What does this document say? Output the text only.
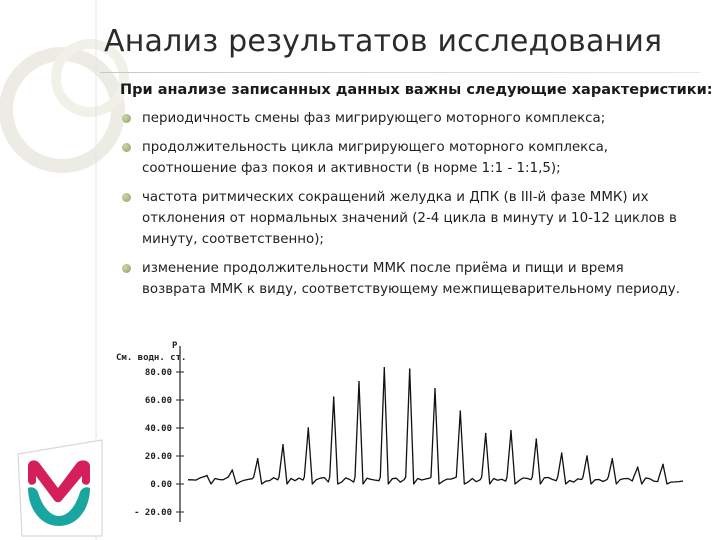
Анализ результатов исследования
При анализе записанных данных важны следующие характеристики:
периодичность смены фаз мигрирующего моторного комплекса;
продолжительность цикла мигрирующего моторного комплекса, соотношение фаз покоя и активности (в норме 1:1 - 1:1,5);
частота ритмических сокращений желудка и ДПК (в III-й фазе ММК) их отклонения от нормальных значений (2-4 цикла в минуту и 10-12 циклов в минуту, соответственно);
изменение продолжительности ММК после приёма и пищи и время возврата ММК к виду, соответствующему межпищеварительному периоду.
P
См. водн. ст.
80.00
60.00
40.00
20.00
0.00
- 20.00
